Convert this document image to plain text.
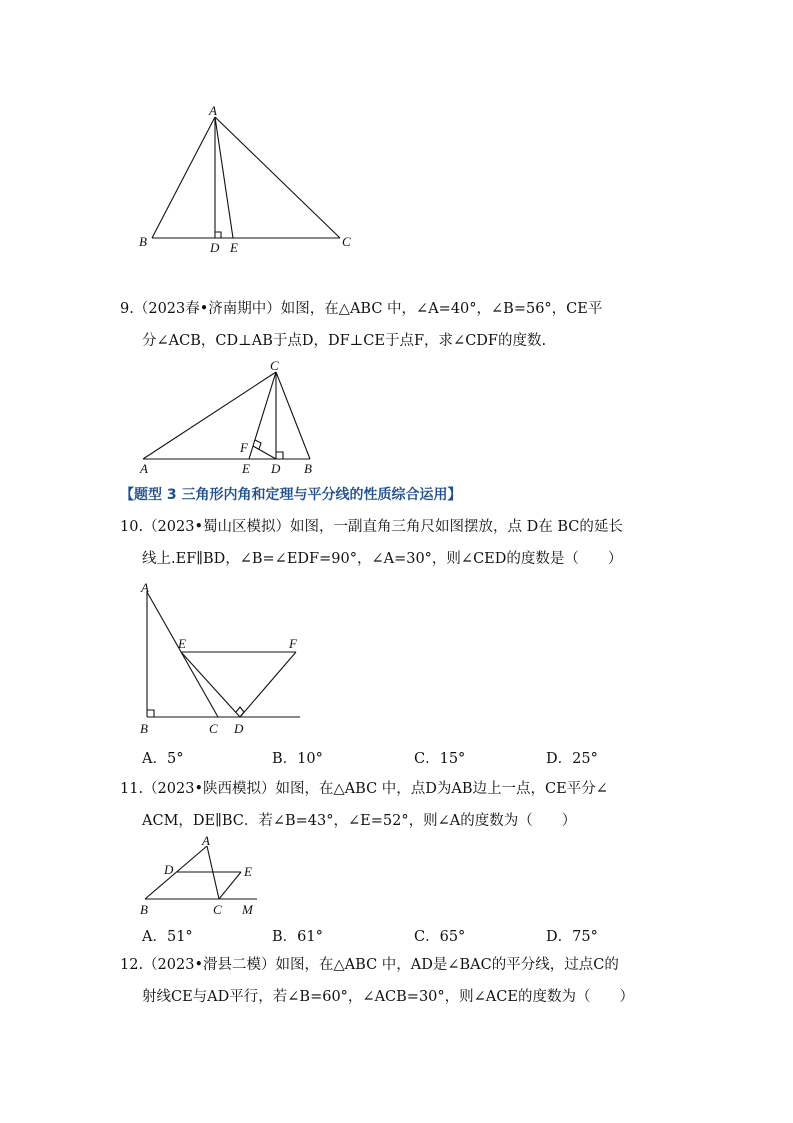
A
B	C
D E

9.（2023春•济南期中）如图，在△ABC 中，∠A=40°，∠B=56°，CE平

分∠ACB，CD⊥AB于点D，DF⊥CE于点F，求∠CDF的度数.

C
F
A	E D B
【题型 3 三角形内角和定理与平分线的性质综合运用】

10.（2023•蜀山区模拟）如图，一副直角三角尺如图摆放，点 D在 BC的延长

线上.EF∥BD，∠B=∠EDF=90°，∠A=30°，则∠CED的度数是（　　）

A
E	F
B	C D
A．5°	B．10°	C．15°	D．25°

11.（2023•陕西模拟）如图，在△ABC 中，点D为AB边上一点，CE平分∠

ACM，DE∥BC．若∠B=43°，∠E=52°，则∠A的度数为（　　）

A
D	E
B	C M
A．51°	B．61°	C．65°	D．75°

12.（2023•滑县二模）如图，在△ABC 中，AD是∠BAC的平分线，过点C的

射线CE与AD平行，若∠B=60°，∠ACB=30°，则∠ACE的度数为（　　）
